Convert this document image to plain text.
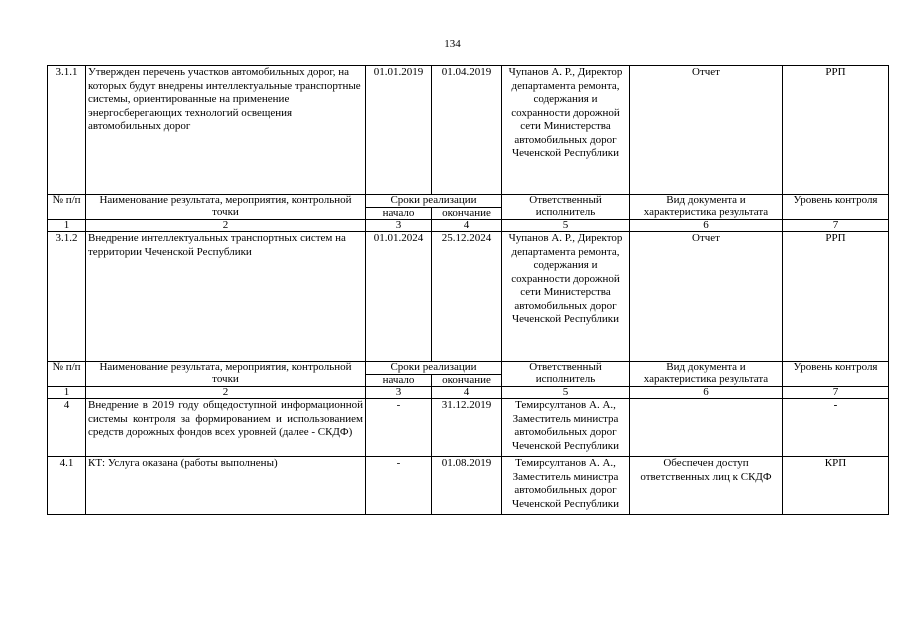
134
3.1.1	Утвержден перечень участков автомобильных дорог, на которых будут внедрены интеллектуальные транспортные системы, ориентированные на применение энергосберегающих технологий освещения автомобильных дорог	01.01.2019	01.04.2019	Чупанов А. Р., Директор департамента ремонта, содержания и сохранности дорожной сети Министерства автомобильных дорог Чеченской Республики	Отчет	РРП
№ п/п	Наименование результата, мероприятия, контрольной точки	Сроки реализации		Ответственный исполнитель	Вид документа и характеристика результата	Уровень контроля
		начало	окончание			
1	2	3	4	5	6	7
3.1.2	Внедрение интеллектуальных транспортных систем на территории Чеченской Республики	01.01.2024	25.12.2024	Чупанов А. Р., Директор департамента ремонта, содержания и сохранности дорожной сети Министерства автомобильных дорог Чеченской Республики	Отчет	РРП
№ п/п	Наименование результата, мероприятия, контрольной точки	Сроки реализации		Ответственный исполнитель	Вид документа и характеристика результата	Уровень контроля
		начало	окончание			
1	2	3	4	5	6	7
4	Внедрение в 2019 году общедоступной информационной системы контроля за формированием и использованием средств дорожных фондов всех уровней (далее - СКДФ)	-	31.12.2019	Темирсултанов А. А., Заместитель министра автомобильных дорог Чеченской Республики		-
4.1	КТ: Услуга оказана (работы выполнены)	-	01.08.2019	Темирсултанов А. А., Заместитель министра автомобильных дорог Чеченской Республики	Обеспечен доступ ответственных лиц к СКДФ	КРП
